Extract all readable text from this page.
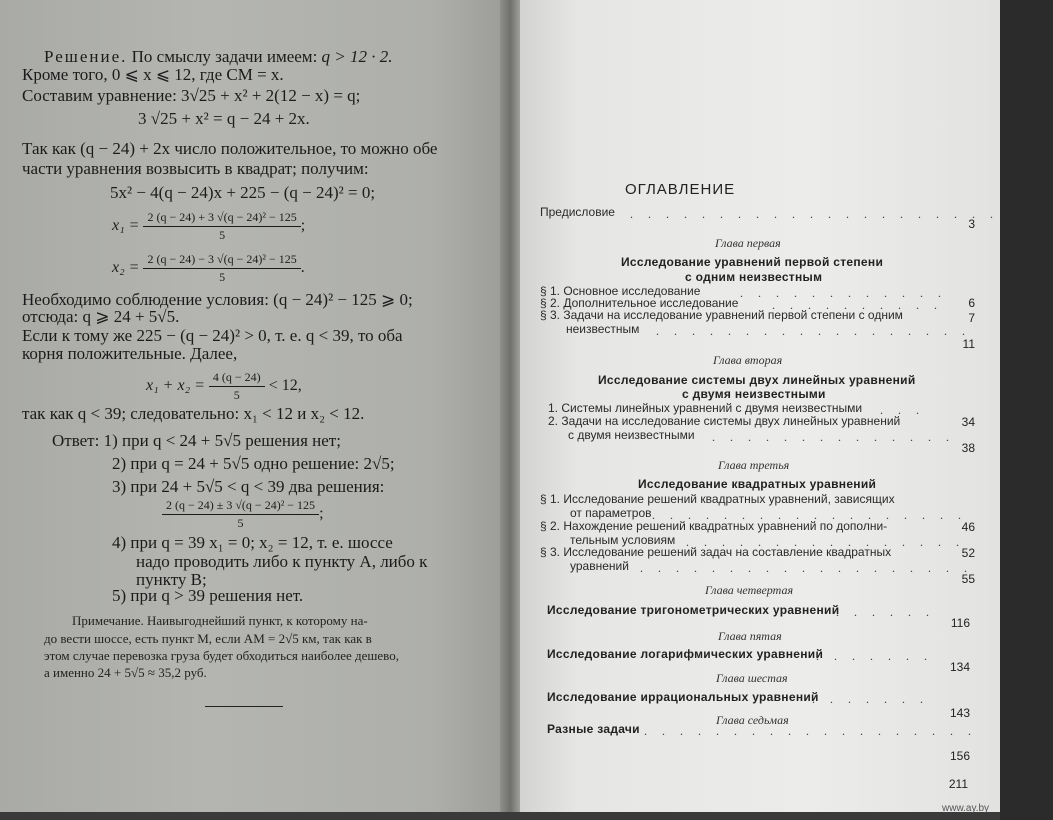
Решение. По смыслу задачи имеем: q > 12 · 2.
Кроме того, 0 ⩽ x ⩽ 12, где CM = x.
Составим уравнение: 3√25 + x² + 2(12 − x) = q;
3 √25 + x² = q − 24 + 2x.
Так как (q − 24) + 2x число положительное, то можно обе
части уравнения возвысить в квадрат; получим:
5x² − 4(q − 24)x + 225 − (q − 24)² = 0;
$x_1 = \frac{\text{2 (q − 24) + 3 √(q − 24)² − 125}}{5}$ ;
$x_2 = \frac{\text{2 (q − 24) − 3 √(q − 24)² − 125}}{5}$ .
Необходимо соблюдение условия: (q − 24)² − 125 ⩾ 0;
отсюда: q ⩾ 24 + 5√5.
Если к тому же 225 − (q − 24)² > 0, т. е. q < 39, то оба
корня положительные. Далее,
$x_1 + x_2 = \frac{4 (q - 24)}{5} < 12$,
так как q < 39; следовательно: x₁ < 12 и x₂ < 12.
Ответ: 1) при q < 24 + 5√5 решения нет;
2) при q = 24 + 5√5 одно решение: 2√5;
3) при 24 + 5√5 < q < 39 два решения:
$\frac{\text{2 (q − 24) ± 3 √(q − 24)² − 125}}{5}$ ;
4) при q = 39 x₁ = 0; x₂ = 12, т. е. шоссе
надо проводить либо к пункту A, либо к
пункту B;
5) при q > 39 решения нет.
Примечание. Наивыгоднейший пункт, к которому на-
до вести шоссе, есть пункт M, если AM = 2√5 км, так как в
этом случае перевозка груза будет обходиться наиболее дешево,
а именно 24 + 5√5 ≈ 35,2 руб.
ОГЛАВЛЕНИЕ
Предисловие . . . . . . . . . . . . . . . . . . . . . . . .
3
Глава первая
Исследование уравнений первой степени
с одним неизвестным
§ 1. Основное исследование	. . . . . . . . . . . .
6
§ 2. Дополнительное исследование	. . . . . . . . . .
7
§ 3. Задачи на исследование уравнений первой степени с одним
неизвестным . . . . . . . . . . . . . . . . . .
11
Глава вторая
Исследование системы двух линейных уравнений
с двумя неизвестными
1. Системы линейных уравнений с двумя неизвестными . . .
34
2. Задачи на исследование системы двух линейных уравнений
с двумя неизвестными . . . . . . . . . . . . . .
38
Глава третья
Исследование квадратных уравнений
§ 1. Исследование решений квадратных уравнений, зависящих
от параметров . . . . . . . . . . . . . . . . . .
46
§ 2. Нахождение решений квадратных уравнений по дополни-
тельным условиям . . . . . . . . . . . . . . . .
52
§ 3. Исследование решений задач на составление квадратных
уравнений . . . . . . . . . . . . . . . . . . .
55
Глава четвертая
Исследование тригонометрических уравнений
. . . . . .
116
Глава пятая
Исследование логарифмических уравнений
. . . . . . .
134
Глава шестая
Исследование иррациональных уравнений
. . . . . . .
143
Глава седьмая
Разные задачи . . . . . . . . . . . . . . . . . . .
156
211
www.ay.by
